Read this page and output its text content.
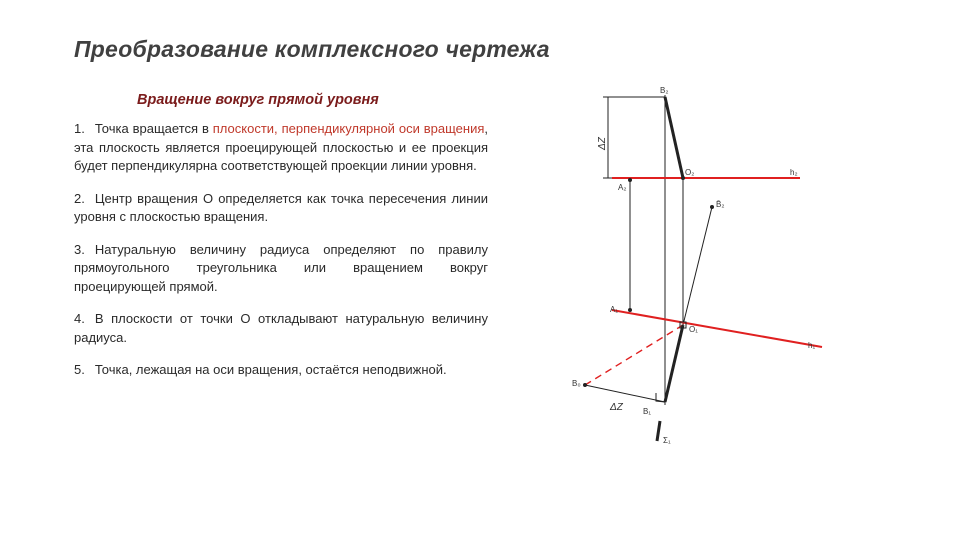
Преобразование комплексного чертежа
Вращение вокруг прямой уровня

1. Точка вращается в плоскости, перпендикулярной оси вращения, эта плоскость является проецирующей плоскостью и ее проекция будет перпендикулярна соответствующей проекции линии уровня.

2. Центр вращения О определяется как точка пересечения линии уровня с плоскостью вращения.

3. Натуральную величину радиуса определяют по правилу прямоугольного треугольника или вращением вокруг проецирующей прямой.

4. В плоскости от точки О откладывают натуральную величину радиуса.

5. Точка, лежащая на оси вращения, остаётся неподвижной.

B₂
ΔZ
O₂	h₂
A₂
B̄₂
A₁
O₁
h₁
B₀
ΔZ	B₁
Σ₁
